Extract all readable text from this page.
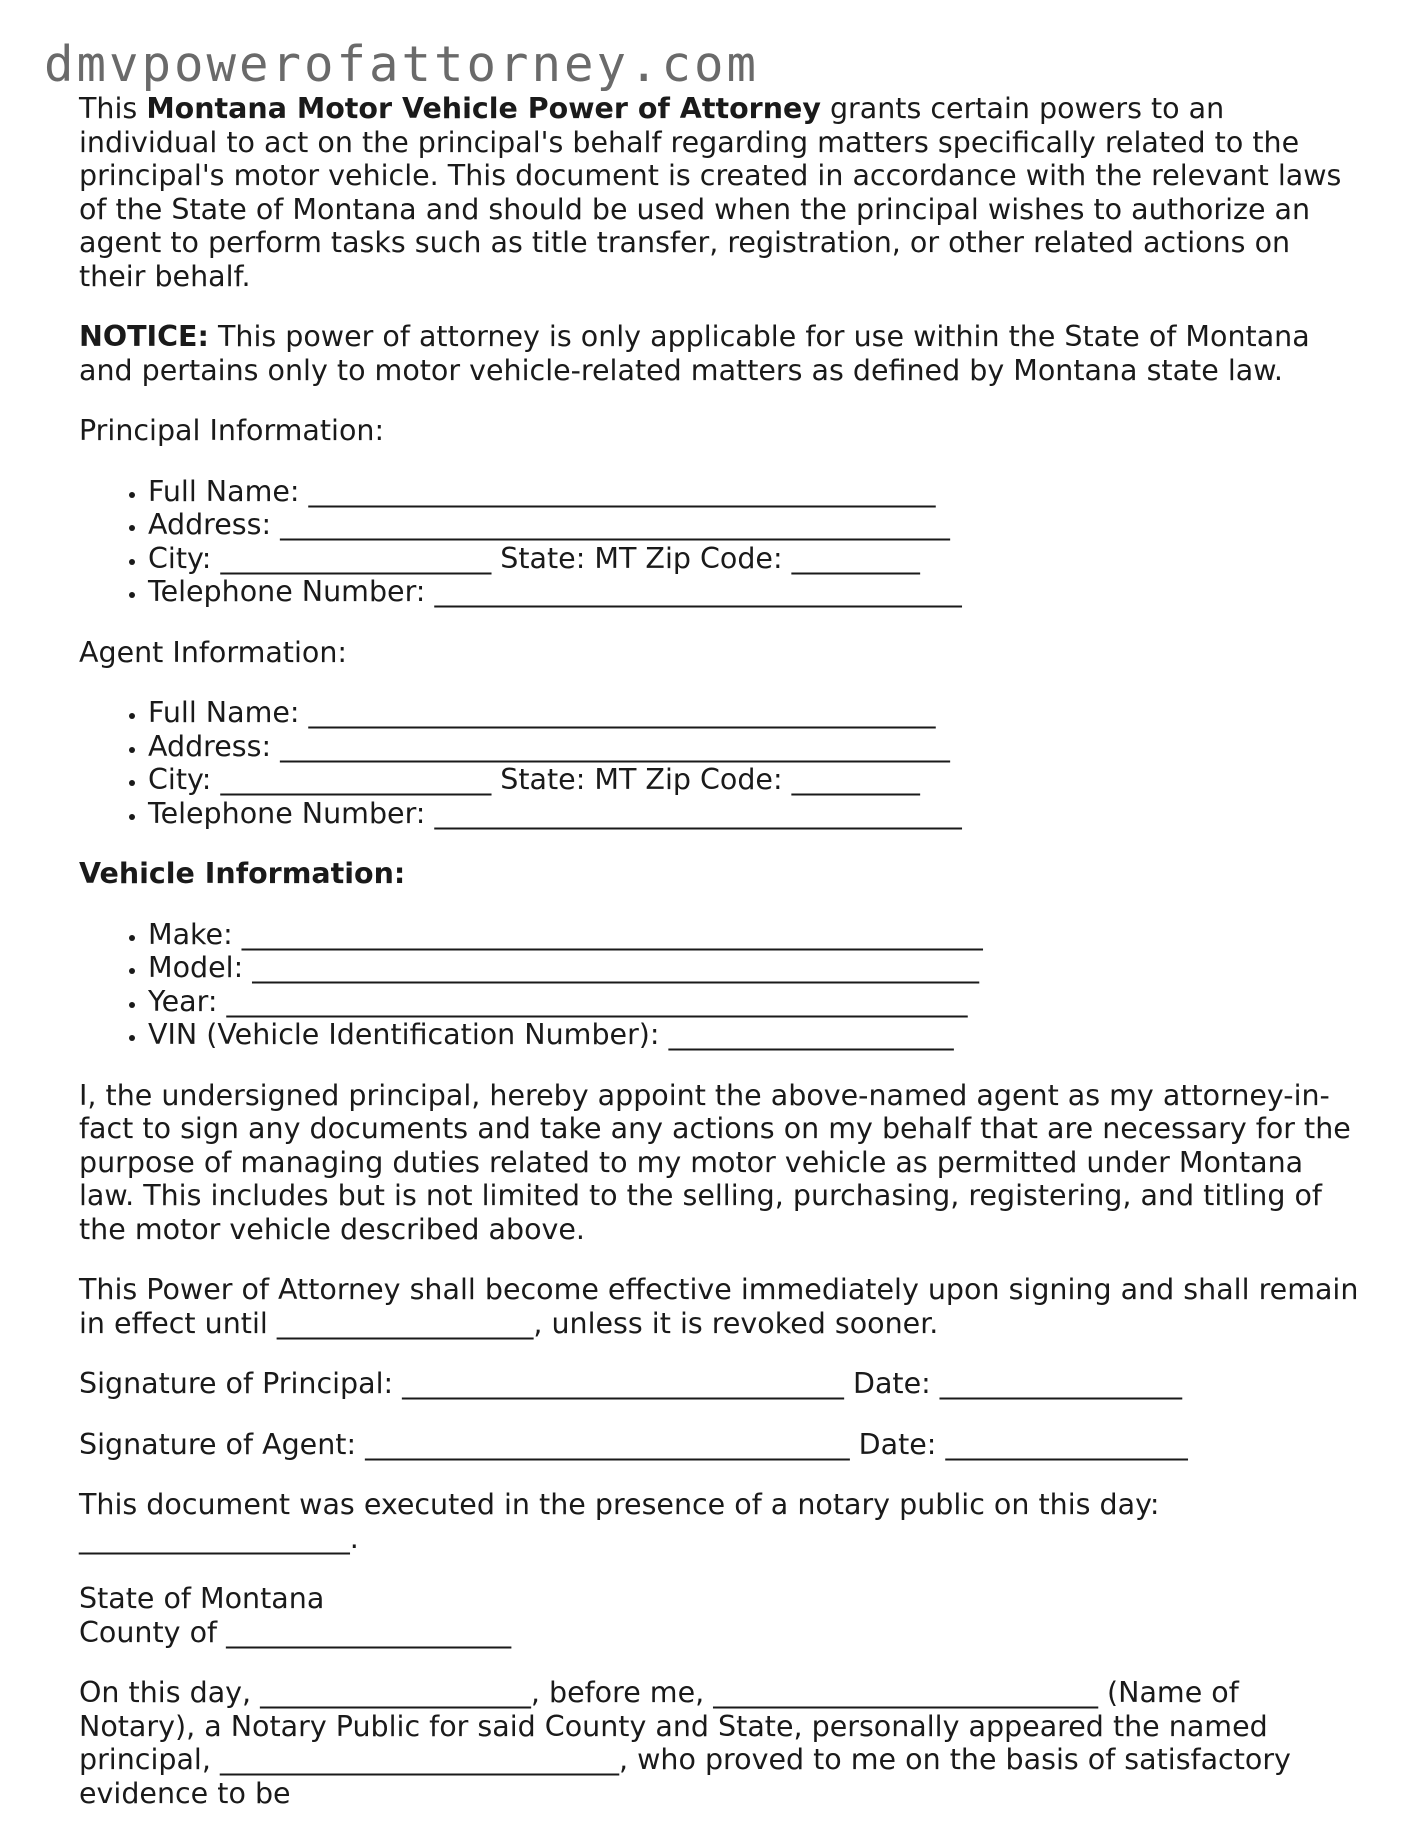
dmvpowerofattorney.com

This Montana Motor Vehicle Power of Attorney grants certain powers to an individual to act on the principal's behalf regarding matters specifically related to the principal's motor vehicle. This document is created in accordance with the relevant laws of the State of Montana and should be used when the principal wishes to authorize an agent to perform tasks such as title transfer, registration, or other related actions on their behalf.

NOTICE: This power of attorney is only applicable for use within the State of Montana and pertains only to motor vehicle-related matters as defined by Montana state law.

Principal Information:

• Full Name: ____________________________________________
• Address: _______________________________________________
• City: ___________________ State: MT Zip Code: _________
• Telephone Number: _____________________________________

Agent Information:

• Full Name: ____________________________________________
• Address: _______________________________________________
• City: ___________________ State: MT Zip Code: _________
• Telephone Number: _____________________________________

Vehicle Information:

• Make: ____________________________________________________
• Model: ___________________________________________________
• Year: ____________________________________________________
• VIN (Vehicle Identification Number): ____________________

I, the undersigned principal, hereby appoint the above-named agent as my attorney-in-fact to sign any documents and take any actions on my behalf that are necessary for the purpose of managing duties related to my motor vehicle as permitted under Montana law. This includes but is not limited to the selling, purchasing, registering, and titling of the motor vehicle described above.

This Power of Attorney shall become effective immediately upon signing and shall remain in effect until __________________, unless it is revoked sooner.

Signature of Principal: _______________________________ Date: _________________

Signature of Agent: __________________________________ Date: _________________

This document was executed in the presence of a notary public on this day: ___________________.

State of Montana
County of ____________________

On this day, ___________________, before me, ___________________________ (Name of Notary), a Notary Public for said County and State, personally appeared the named principal, ____________________________, who proved to me on the basis of satisfactory evidence to be
